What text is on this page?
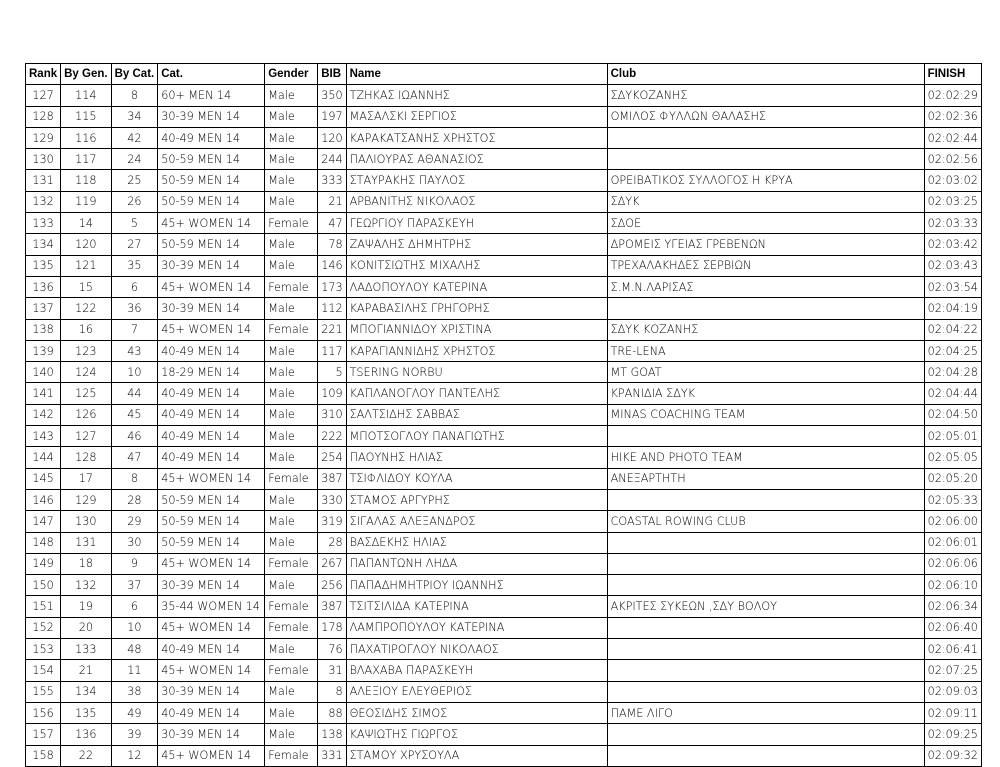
Rank	By Gen.	By Cat.	Cat.	Gender	BIB	Name	Club	FINISH
127	114	8	60+ MEN 14	Male	350	ΤΖΗΚΑΣ ΙΩΑΝΝΗΣ	ΣΔΥΚΟΖΑΝΗΣ	02:02:29
128	115	34	30-39 MEN 14	Male	197	ΜΑΣΑΛΣΚΙ ΣΕΡΓΙΟΣ	ΟΜΙΛΟΣ ΦΥΛΛΩΝ ΘΑΛΑΣΗΣ	02:02:36
129	116	42	40-49 MEN 14	Male	120	ΚΑΡΑΚΑΤΣΑΝΗΣ ΧΡΗΣΤΟΣ		02:02:44
130	117	24	50-59 MEN 14	Male	244	ΠΑΛΙΟΥΡΑΣ ΑΘΑΝΑΣΙΟΣ		02:02:56
131	118	25	50-59 MEN 14	Male	333	ΣΤΑΥΡΑΚΗΣ ΠΑΥΛΟΣ	ΟΡΕΙΒΑΤΙΚΟΣ ΣΥΛΛΟΓΟΣ Η ΚΡΥΑ	02:03:02
132	119	26	50-59 MEN 14	Male	21	ΑΡΒΑΝΙΤΗΣ ΝΙΚΟΛΑΟΣ	ΣΔΥΚ	02:03:25
133	14	5	45+ WOMEN 14	Female	47	ΓΕΩΡΓΙΟΥ ΠΑΡΑΣΚΕΥΗ	ΣΔΟΕ	02:03:33
134	120	27	50-59 MEN 14	Male	78	ΖΑΨΑΛΗΣ ΔΗΜΗΤΡΗΣ	ΔΡΟΜΕΙΣ ΥΓΕΙΑΣ ΓΡΕΒΕΝΩΝ	02:03:42
135	121	35	30-39 MEN 14	Male	146	ΚΟΝΙΤΣΙΩΤΗΣ ΜΙΧΑΛΗΣ	ΤΡΕΧΑΛΑΚΗΔΕΣ ΣΕΡΒΙΩΝ	02:03:43
136	15	6	45+ WOMEN 14	Female	173	ΛΑΔΟΠΟΥΛΟΥ ΚΑΤΕΡΙΝΑ	Σ.Μ.Ν.ΛΑΡΙΣΑΣ	02:03:54
137	122	36	30-39 MEN 14	Male	112	ΚΑΡΑΒΑΣΙΛΗΣ ΓΡΗΓΟΡΗΣ		02:04:19
138	16	7	45+ WOMEN 14	Female	221	ΜΠΟΓΙΑΝΝΙΔΟΥ ΧΡΙΣΤΙΝΑ	ΣΔΥΚ ΚΟΖΑΝΗΣ	02:04:22
139	123	43	40-49 MEN 14	Male	117	ΚΑΡΑΓΙΑΝΝΙΔΗΣ ΧΡΗΣΤΟΣ	TRE-LENA	02:04:25
140	124	10	18-29 MEN 14	Male	5	TSERING NORBU	MT GOAT	02:04:28
141	125	44	40-49 MEN 14	Male	109	ΚΑΠΛΑΝΟΓΛΟΥ ΠΑΝΤΕΛΗΣ	ΚΡΑΝΙΔΙΑ ΣΔΥΚ	02:04:44
142	126	45	40-49 MEN 14	Male	310	ΣΑΛΤΣΙΔΗΣ ΣΑΒΒΑΣ	MINAS COACHING TEAM	02:04:50
143	127	46	40-49 MEN 14	Male	222	ΜΠΟΤΣΟΓΛΟΥ ΠΑΝΑΓΙΩΤΗΣ		02:05:01
144	128	47	40-49 MEN 14	Male	254	ΠΑΟΥΝΗΣ ΗΛΙΑΣ	HIKE AND PHOTO TEAM	02:05:05
145	17	8	45+ WOMEN 14	Female	387	ΤΣΙΦΛΙΔΟΥ ΚΟΥΛΑ	ΑΝΕΞΑΡΤΗΤΗ	02:05:20
146	129	28	50-59 MEN 14	Male	330	ΣΤΑΜΟΣ ΑΡΓΥΡΗΣ		02:05:33
147	130	29	50-59 MEN 14	Male	319	ΣΙΓΑΛΑΣ ΑΛΕΞΑΝΔΡΟΣ	COASTAL ROWING CLUB	02:06:00
148	131	30	50-59 MEN 14	Male	28	ΒΑΣΔΕΚΗΣ ΗΛΙΑΣ		02:06:01
149	18	9	45+ WOMEN 14	Female	267	ΠΑΠΑΝΤΩΝΗ ΛΗΔΑ		02:06:06
150	132	37	30-39 MEN 14	Male	256	ΠΑΠΑΔΗΜΗΤΡΙΟΥ ΙΩΑΝΝΗΣ		02:06:10
151	19	6	35-44 WOMEN 14	Female	387	ΤΣΙΤΣΙΛΙΔΑ ΚΑΤΕΡΙΝΑ	ΑΚΡΙΤΕΣ ΣΥΚΕΩΝ ,ΣΔΥ ΒΟΛΟΥ	02:06:34
152	20	10	45+ WOMEN 14	Female	178	ΛΑΜΠΡΟΠΟΥΛΟΥ ΚΑΤΕΡΙΝΑ		02:06:40
153	133	48	40-49 MEN 14	Male	76	ΠΑΧΑΤΙΡΟΓΛΟΥ ΝΙΚΟΛΑΟΣ		02:06:41
154	21	11	45+ WOMEN 14	Female	31	ΒΛΑΧΑΒΑ ΠΑΡΑΣΚΕΥΗ		02:07:25
155	134	38	30-39 MEN 14	Male	8	ΑΛΕΞΙΟΥ ΕΛΕΥΘΕΡΙΟΣ		02:09:03
156	135	49	40-49 MEN 14	Male	88	ΘΕΟΣΙΔΗΣ ΣΙΜΟΣ	ΠΑΜΕ ΛΙΓΟ	02:09:11
157	136	39	30-39 MEN 14	Male	138	ΚΑΨΙΩΤΗΣ ΓΙΩΡΓΟΣ		02:09:25
158	22	12	45+ WOMEN 14	Female	331	ΣΤΑΜΟΥ ΧΡΥΣΟΥΛΑ		02:09:32
